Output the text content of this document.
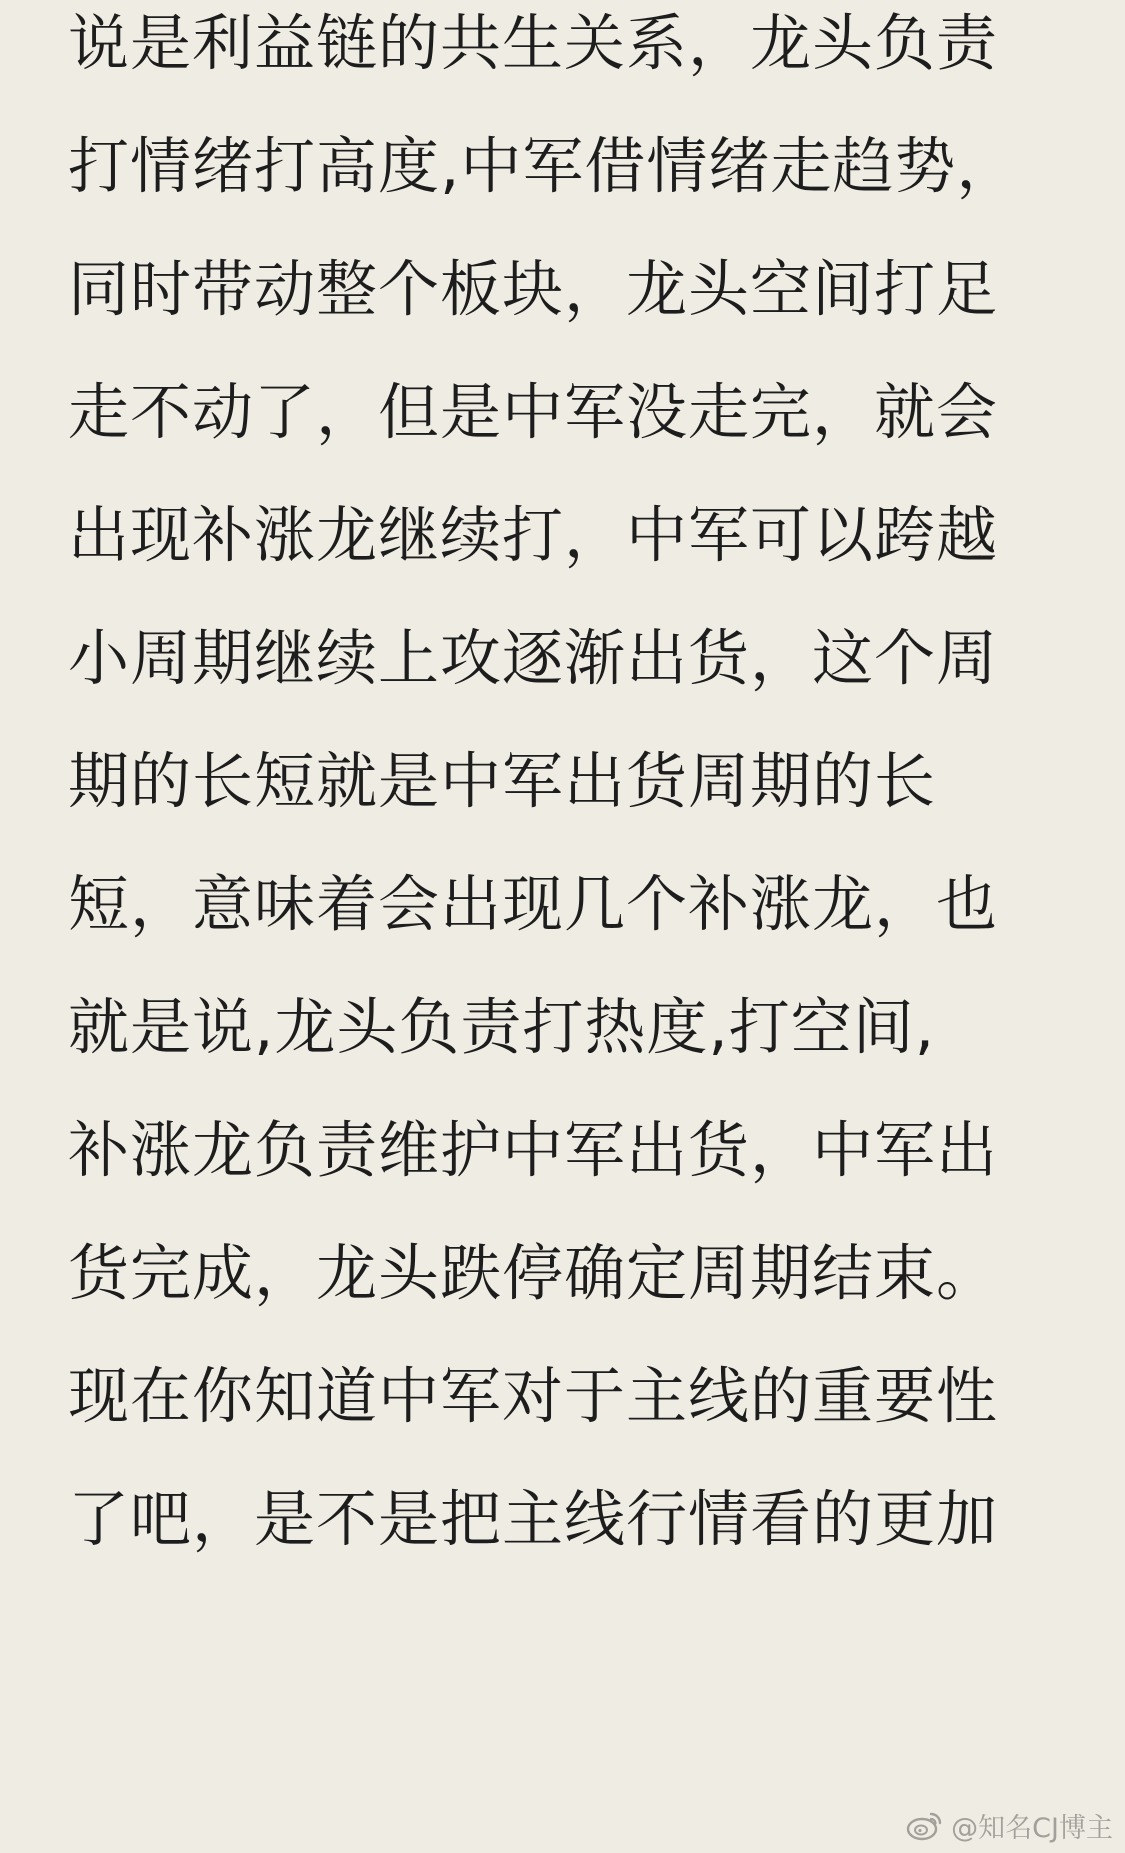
说是利益链的共生关系，龙头负责
打情绪打高度,中军借情绪走趋势，
同时带动整个板块，龙头空间打足
走不动了，但是中军没走完，就会
出现补涨龙继续打，中军可以跨越
小周期继续上攻逐渐出货，这个周
期的长短就是中军出货周期的长
短，意味着会出现几个补涨龙，也
就是说,龙头负责打热度,打空间,
补涨龙负责维护中军出货，中军出
货完成，龙头跌停确定周期结束。
现在你知道中军对于主线的重要性
了吧，是不是把主线行情看的更加
@知名CJ博主
